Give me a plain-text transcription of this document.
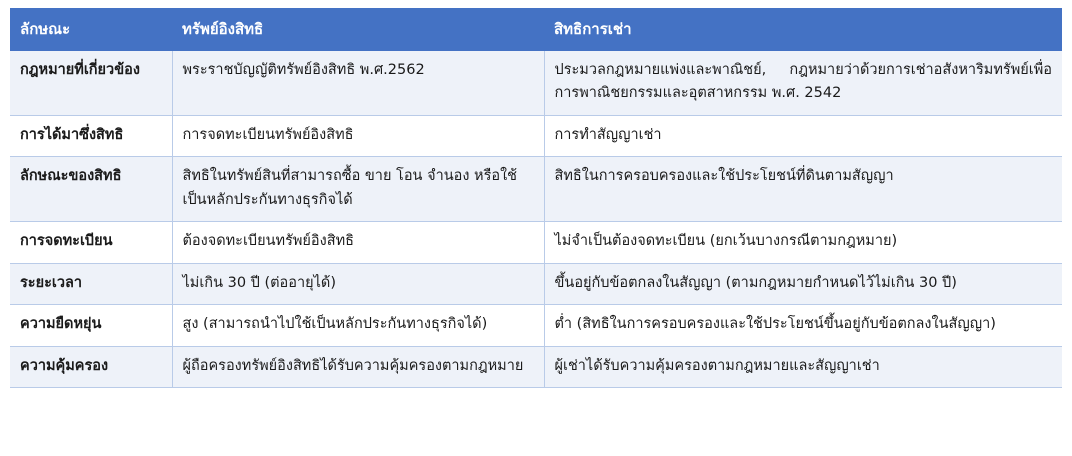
ลักษณะ	ทรัพย์อิงสิทธิ	สิทธิการเช่า
กฎหมายที่เกี่ยวข้อง	พระราชบัญญัติทรัพย์อิงสิทธิ พ.ศ.2562	ประมวลกฎหมายแพ่งและพาณิชย์, กฎหมายว่าด้วยการเช่าอสังหาริมทรัพย์เพื่อการพาณิชยกรรมและอุตสาหกรรม พ.ศ. 2542
การได้มาซึ่งสิทธิ	การจดทะเบียนทรัพย์อิงสิทธิ	การทำสัญญาเช่า
ลักษณะของสิทธิ	สิทธิในทรัพย์สินที่สามารถซื้อ ขาย โอน จำนอง หรือใช้เป็นหลักประกันทางธุรกิจได้	สิทธิในการครอบครองและใช้ประโยชน์ที่ดินตามสัญญา
การจดทะเบียน	ต้องจดทะเบียนทรัพย์อิงสิทธิ	ไม่จำเป็นต้องจดทะเบียน (ยกเว้นบางกรณีตามกฎหมาย)
ระยะเวลา	ไม่เกิน 30 ปี (ต่ออายุได้)	ขึ้นอยู่กับข้อตกลงในสัญญา (ตามกฎหมายกำหนดไว้ไม่เกิน 30 ปี)
ความยืดหยุ่น	สูง (สามารถนำไปใช้เป็นหลักประกันทางธุรกิจได้)	ต่ำ (สิทธิในการครอบครองและใช้ประโยชน์ขึ้นอยู่กับข้อตกลงในสัญญา)
ความคุ้มครอง	ผู้ถือครองทรัพย์อิงสิทธิได้รับความคุ้มครองตามกฎหมาย	ผู้เช่าได้รับความคุ้มครองตามกฎหมายและสัญญาเช่า
